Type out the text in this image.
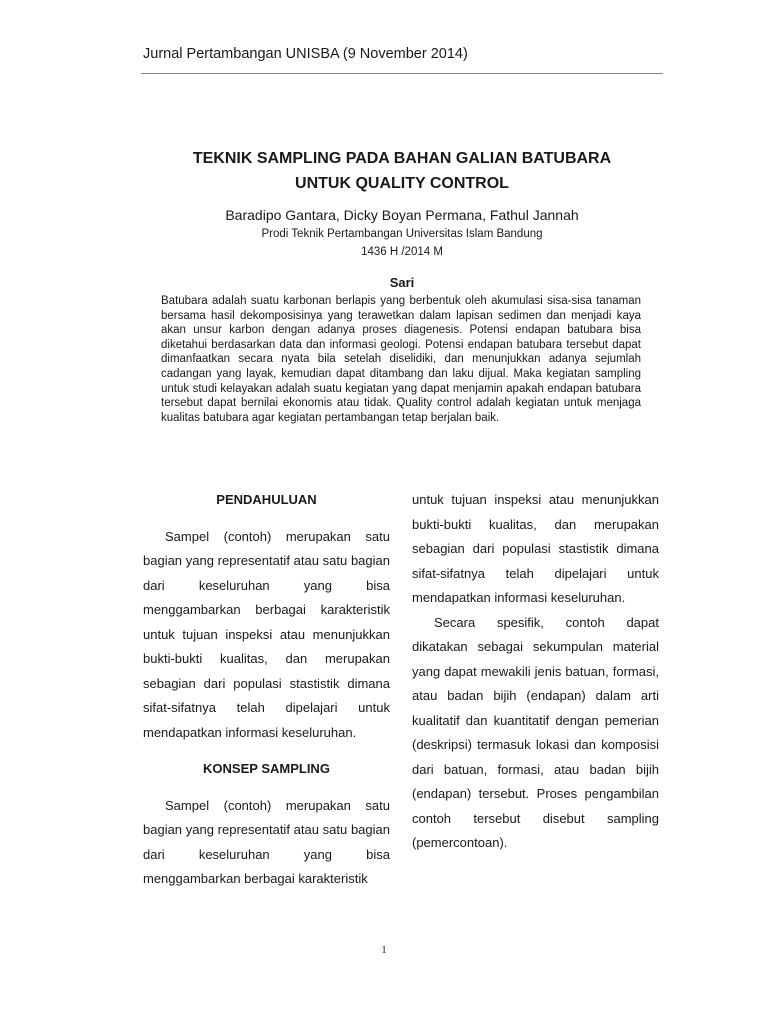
Jurnal Pertambangan UNISBA (9 November 2014)
TEKNIK SAMPLING PADA BAHAN GALIAN BATUBARA
UNTUK QUALITY CONTROL
Baradipo Gantara, Dicky Boyan Permana, Fathul Jannah
Prodi Teknik Pertambangan Universitas Islam Bandung
1436 H /2014 M
Sari

Batubara adalah suatu karbonan berlapis yang berbentuk oleh akumulasi sisa-sisa tanaman bersama hasil dekomposisinya yang terawetkan dalam lapisan sedimen dan menjadi kaya akan unsur karbon dengan adanya proses diagenesis. Potensi endapan batubara bisa diketahui berdasarkan data dan informasi geologi. Potensi endapan batubara tersebut dapat dimanfaatkan secara nyata bila setelah diselidiki, dan menunjukkan adanya sejumlah cadangan yang layak, kemudian dapat ditambang dan laku dijual. Maka kegiatan sampling untuk studi kelayakan adalah suatu kegiatan yang dapat menjamin apakah endapan batubara tersebut dapat bernilai ekonomis atau tidak. Quality control adalah kegiatan untuk menjaga kualitas batubara agar kegiatan pertambangan tetap berjalan baik.

PENDAHULUAN

Sampel (contoh) merupakan satu bagian yang representatif atau satu bagian dari keseluruhan yang bisa menggambarkan berbagai karakteristik untuk tujuan inspeksi atau menunjukkan bukti-bukti kualitas, dan merupakan sebagian dari populasi stastistik dimana sifat-sifatnya telah dipelajari untuk mendapatkan informasi keseluruhan.

KONSEP SAMPLING

Sampel (contoh) merupakan satu bagian yang representatif atau satu bagian dari keseluruhan yang bisa menggambarkan berbagai karakteristik

untuk tujuan inspeksi atau menunjukkan bukti-bukti kualitas, dan merupakan sebagian dari populasi stastistik dimana sifat-sifatnya telah dipelajari untuk mendapatkan informasi keseluruhan.

Secara spesifik, contoh dapat dikatakan sebagai sekumpulan material yang dapat mewakili jenis batuan, formasi, atau badan bijih (endapan) dalam arti kualitatif dan kuantitatif dengan pemerian (deskripsi) termasuk lokasi dan komposisi dari batuan, formasi, atau badan bijih (endapan) tersebut. Proses pengambilan contoh tersebut disebut sampling (pemercontoan).

1
